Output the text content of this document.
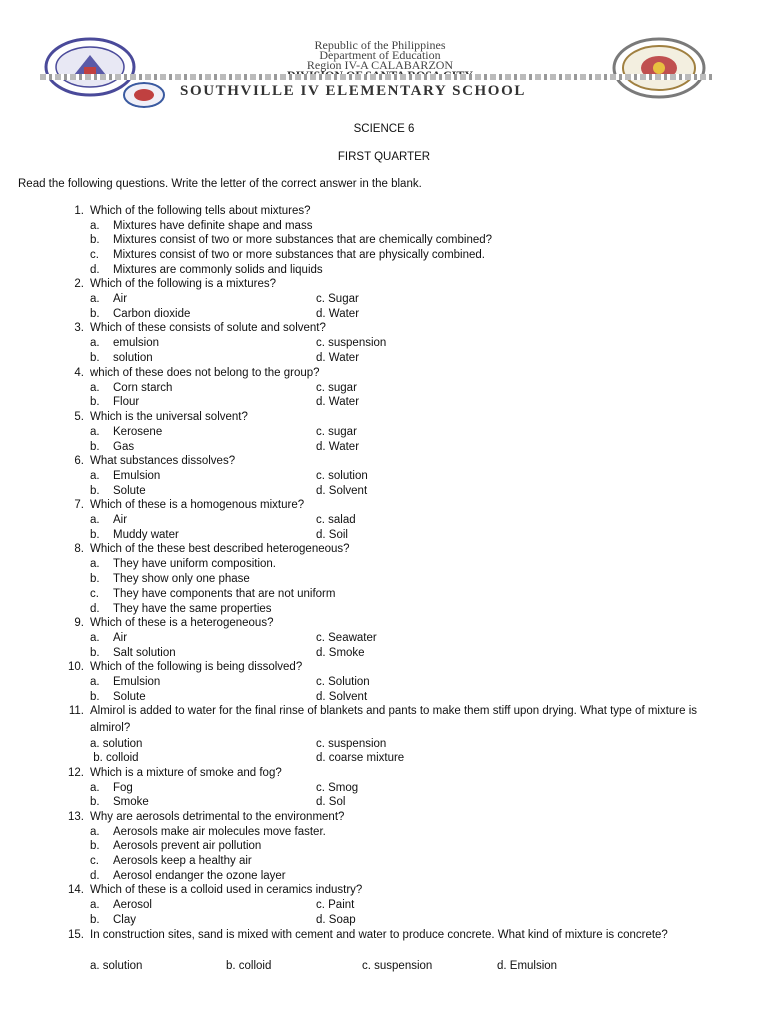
Republic of the Philippines
Department of Education
Region IV-A CALABARZON
SOUTHVILLE IV ELEMENTARY SCHOOL
SCIENCE 6
FIRST QUARTER
Read the following questions. Write the letter of the correct answer in the blank.
1. Which of the following tells about mixtures?
a.	Mixtures have definite shape and mass
b.	Mixtures consist of two or more substances that are chemically combined?
c.	Mixtures consist of two or more substances that are physically combined.
d.	Mixtures are commonly solids and liquids
2. Which of the following is a mixtures?
a.	Air	c. Sugar
b.	Carbon dioxide	d. Water
3. Which of these consists of solute and solvent?
a.	emulsion	c. suspension
b.	solution	d. Water
4. which of these does not belong to the group?
a.	Corn starch	c. sugar
b.	Flour	d. Water
5. Which is the universal solvent?
a.	Kerosene	c. sugar
b.	Gas	d. Water
6. What substances dissolves?
a.	Emulsion	c. solution
b.	Solute	d. Solvent
7. Which of these is a homogenous mixture?
a.	Air	c. salad
b.	Muddy water	d. Soil
8. Which of the these best described heterogeneous?
a.	They have uniform composition.
b.	They show only one phase
c.	They have components that are not uniform
d.	They have the same properties
9. Which of these is a heterogeneous?
a.	Air	c. Seawater
b.	Salt solution	d. Smoke
10. Which of the following is being dissolved?
a.	Emulsion	c. Solution
b.	Solute	d. Solvent
11. Almirol is added to water for the final rinse of blankets and pants to make them stiff upon drying. What type of mixture is almirol?
a. solution	c. suspension
b. colloid	d. coarse mixture
12. Which is a mixture of smoke and fog?
a.	Fog	c. Smog
b.	Smoke	d. Sol
13. Why are aerosols detrimental to the environment?
a.	Aerosols make air molecules move faster.
b.	Aerosols prevent air pollution
c.	Aerosols keep a healthy air
d.	Aerosol endanger the ozone layer
14. Which of these is a colloid used in ceramics industry?
a.	Aerosol	c. Paint
b.	Clay	d. Soap
15. In construction sites, sand is mixed with cement and water to produce concrete. What kind of mixture is concrete?
a. solution	b. colloid	c. suspension	d. Emulsion
